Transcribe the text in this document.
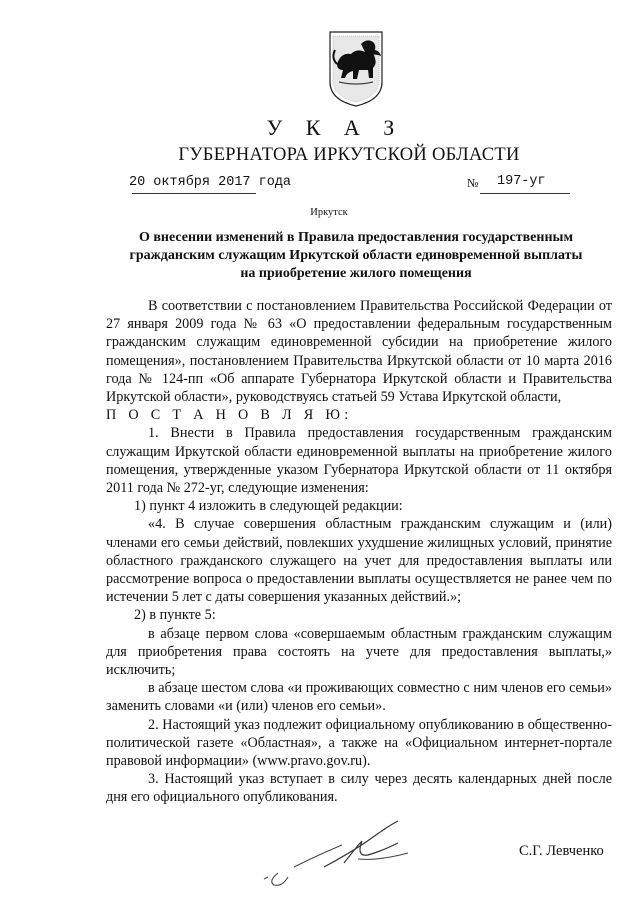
У К А З
ГУБЕРНАТОРА ИРКУТСКОЙ ОБЛАСТИ
20 октября 2017 года	№ 197-уг
Иркутск
О внесении изменений в Правила предоставления государственным
гражданским служащим Иркутской области единовременной выплаты
на приобретение жилого помещения

В соответствии с постановлением Правительства Российской Федерации от 27 января 2009 года № 63 «О предоставлении федеральным государственным гражданским служащим единовременной субсидии на приобретение жилого помещения», постановлением Правительства Иркутской области от 10 марта 2016 года № 124-пп «Об аппарате Губернатора Иркутской области и Правительства Иркутской области», руководствуясь статьей 59 Устава Иркутской области,

П О С Т А Н О В Л Я Ю:

1. Внести в Правила предоставления государственным гражданским служащим Иркутской области единовременной выплаты на приобретение жилого помещения, утвержденные указом Губернатора Иркутской области от 11 октября 2011 года № 272-уг, следующие изменения:

1) пункт 4 изложить в следующей редакции:

«4. В случае совершения областным гражданским служащим и (или) членами его семьи действий, повлекших ухудшение жилищных условий, принятие областного гражданского служащего на учет для предоставления выплаты или рассмотрение вопроса о предоставлении выплаты осуществляется не ранее чем по истечении 5 лет с даты совершения указанных действий.»;

2) в пункте 5:

в абзаце первом слова «совершаемым областным гражданским служащим для приобретения права состоять на учете для предоставления выплаты,» исключить;

в абзаце шестом слова «и проживающих совместно с ним членов его семьи» заменить словами «и (или) членов его семьи».

2. Настоящий указ подлежит официальному опубликованию в общественно-политической газете «Областная», а также на «Официальном интернет-портале правовой информации» (www.pravo.gov.ru).

3. Настоящий указ вступает в силу через десять календарных дней после дня его официального опубликования.

С.Г. Левченко
